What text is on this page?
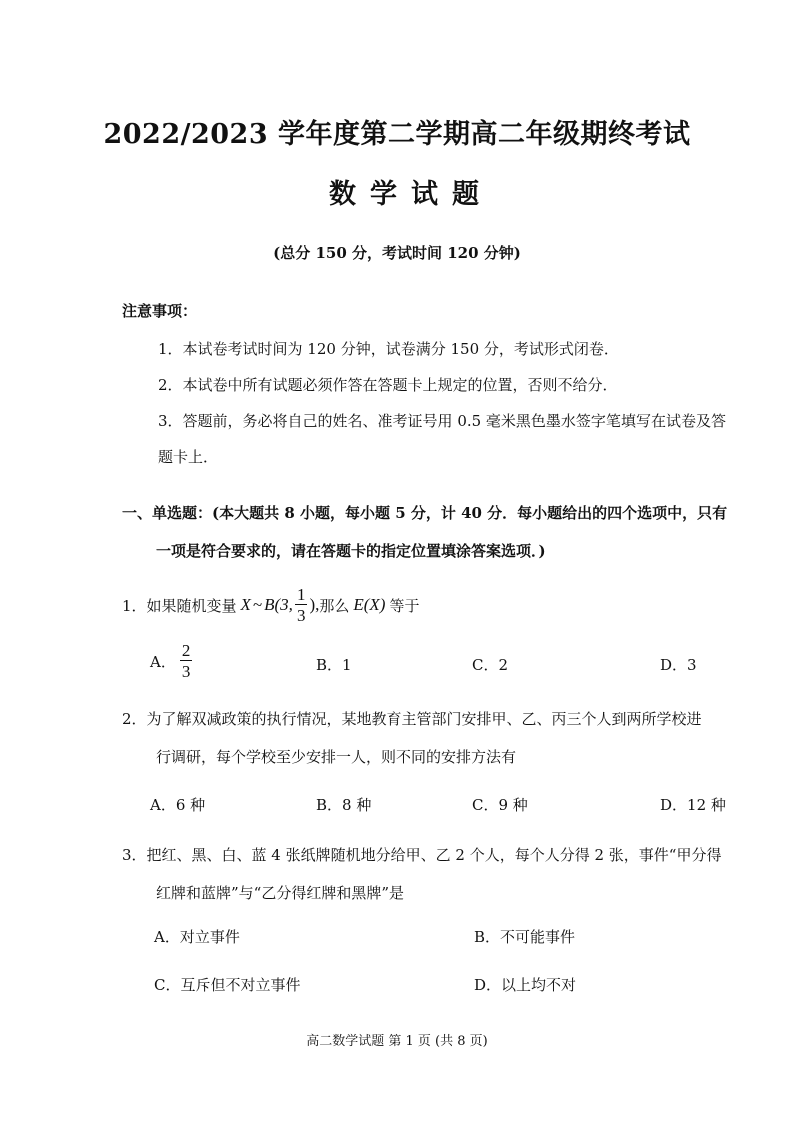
2022/2023 学年度第二学期高二年级期终考试
数学试题
(总分 150 分，考试时间 120 分钟)
注意事项：
1．本试卷考试时间为 120 分钟，试卷满分 150 分，考试形式闭卷．
2．本试卷中所有试题必须作答在答题卡上规定的位置，否则不给分．
3．答题前，务必将自己的姓名、准考证号用 0.5 毫米黑色墨水签字笔填写在试卷及答
题卡上．
一、单选题：(本大题共 8 小题，每小题 5 分，计 40 分．每小题给出的四个选项中，只有
一项是符合要求的，请在答题卡的指定位置填涂答案选项．)
1．如果随机变量 X ~ B(3, $\frac{1}{3}$ ), 那么 E(X) 等于
A． $\frac{2}{3}$	B．1	C．2	D．3
2．为了解双减政策的执行情况，某地教育主管部门安排甲、乙、丙三个人到两所学校进
行调研，每个学校至少安排一人，则不同的安排方法有
A．6 种	B．8 种	C．9 种	D．12 种
3．把红、黑、白、蓝 4 张纸牌随机地分给甲、乙 2 个人，每个人分得 2 张，事件“甲分得
红牌和蓝牌”与“乙分得红牌和黑牌”是
A．对立事件	B．不可能事件
C．互斥但不对立事件	D．以上均不对
高二数学试题 第 1 页 (共 8 页)
